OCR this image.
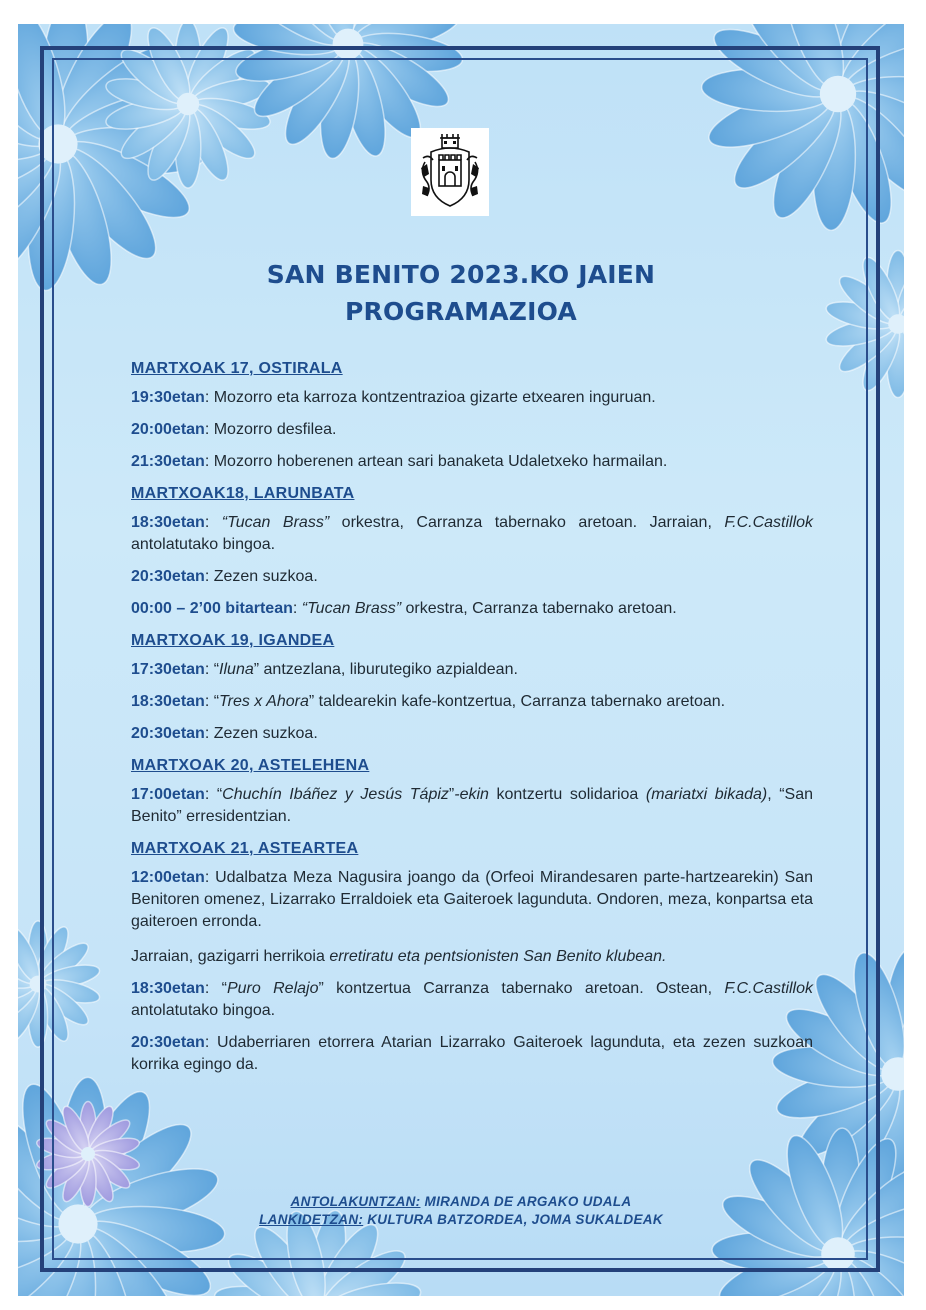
SAN BENITO 2023.KO JAIEN
PROGRAMAZIOA
MARTXOAK 17, OSTIRALA

19:30etan: Mozorro eta karroza kontzentrazioa gizarte etxearen inguruan.

20:00etan: Mozorro desfilea.

21:30etan: Mozorro hoberenen artean sari banaketa Udaletxeko harmailan.

MARTXOAK18, LARUNBATA

18:30etan: “Tucan Brass” orkestra, Carranza tabernako aretoan. Jarraian, F.C.Castillok antolatutako bingoa.

20:30etan: Zezen suzkoa.

00:00 – 2’00 bitartean: “Tucan Brass” orkestra, Carranza tabernako aretoan.

MARTXOAK 19, IGANDEA

17:30etan: “Iluna” antzezlana, liburutegiko azpialdean.

18:30etan: “Tres x Ahora” taldearekin kafe-kontzertua, Carranza tabernako aretoan.

20:30etan: Zezen suzkoa.

MARTXOAK 20, ASTELEHENA

17:00etan: “Chuchín Ibáñez y Jesús Tápiz”-ekin kontzertu solidarioa (mariatxi bikada), “San Benito” erresidentzian.

MARTXOAK 21, ASTEARTEA

12:00etan: Udalbatza Meza Nagusira joango da (Orfeoi Mirandesaren parte-hartzearekin) San Benitoren omenez, Lizarrako Erraldoiek eta Gaiteroek lagunduta. Ondoren, meza, konpartsa eta gaiteroen erronda.

Jarraian, gazigarri herrikoia erretiratu eta pentsionisten San Benito klubean.

18:30etan: “Puro Relajo” kontzertua Carranza tabernako aretoan. Ostean, F.C.Castillok antolatutako bingoa.

20:30etan: Udaberriaren etorrera Atarian Lizarrako Gaiteroek lagunduta, eta zezen suzkoan korrika egingo da.

ANTOLAKUNTZAN: MIRANDA DE ARGAKO UDALA
LANKIDETZAN: KULTURA BATZORDEA, JOMA SUKALDEAK
